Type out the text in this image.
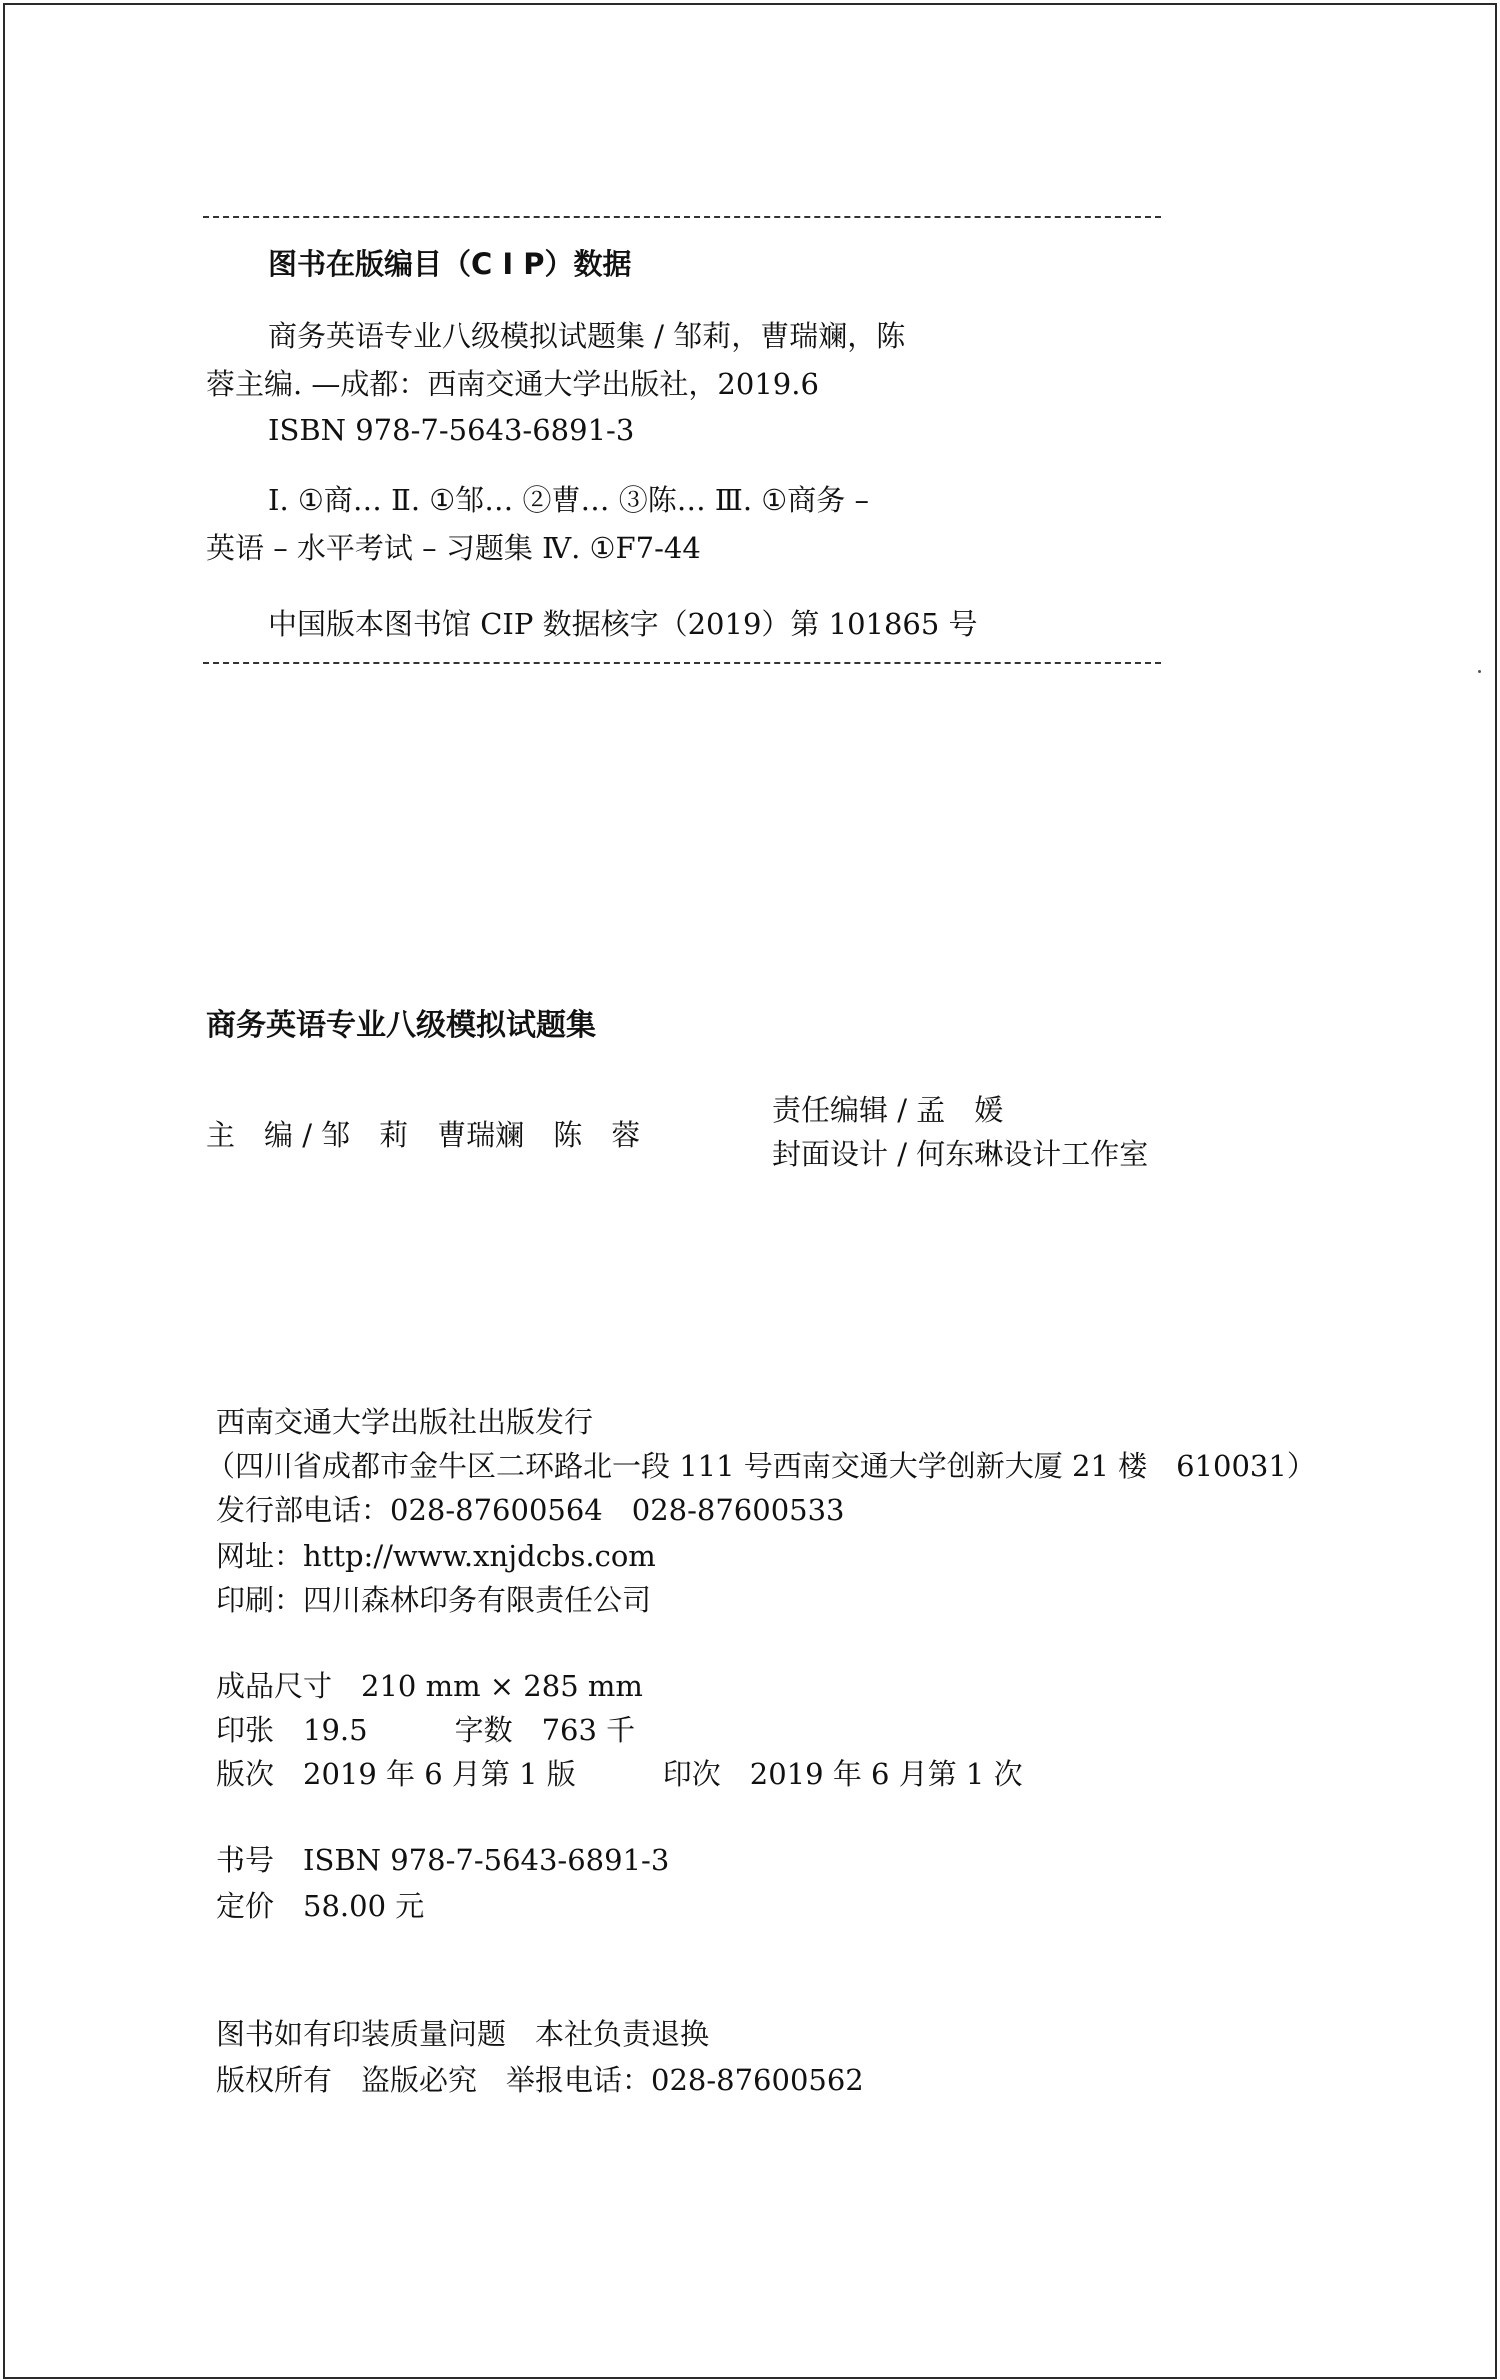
图书在版编目（C I P）数据
商务英语专业八级模拟试题集 / 邹莉，曹瑞斓，陈
蓉主编. —成都：西南交通大学出版社，2019.6
ISBN 978-7-5643-6891-3
Ⅰ. ①商… Ⅱ. ①邹… ②曹… ③陈… Ⅲ. ①商务 –
英语 – 水平考试 – 习题集 Ⅳ. ①F7-44
中国版本图书馆 CIP 数据核字（2019）第 101865 号
商务英语专业八级模拟试题集
主　编 / 邹　莉　曹瑞斓　陈　蓉
责任编辑 / 孟　媛
封面设计 / 何东琳设计工作室
西南交通大学出版社出版发行
（四川省成都市金牛区二环路北一段 111 号西南交通大学创新大厦 21 楼　610031）
发行部电话：028-87600564　028-87600533
网址：http://www.xnjdcbs.com
印刷：四川森林印务有限责任公司
成品尺寸　210 mm × 285 mm
印张　19.5　　　字数　763 千
版次　2019 年 6 月第 1 版　　　印次　2019 年 6 月第 1 次
书号　ISBN 978-7-5643-6891-3
定价　58.00 元
图书如有印装质量问题　本社负责退换
版权所有　盗版必究　举报电话：028-87600562
